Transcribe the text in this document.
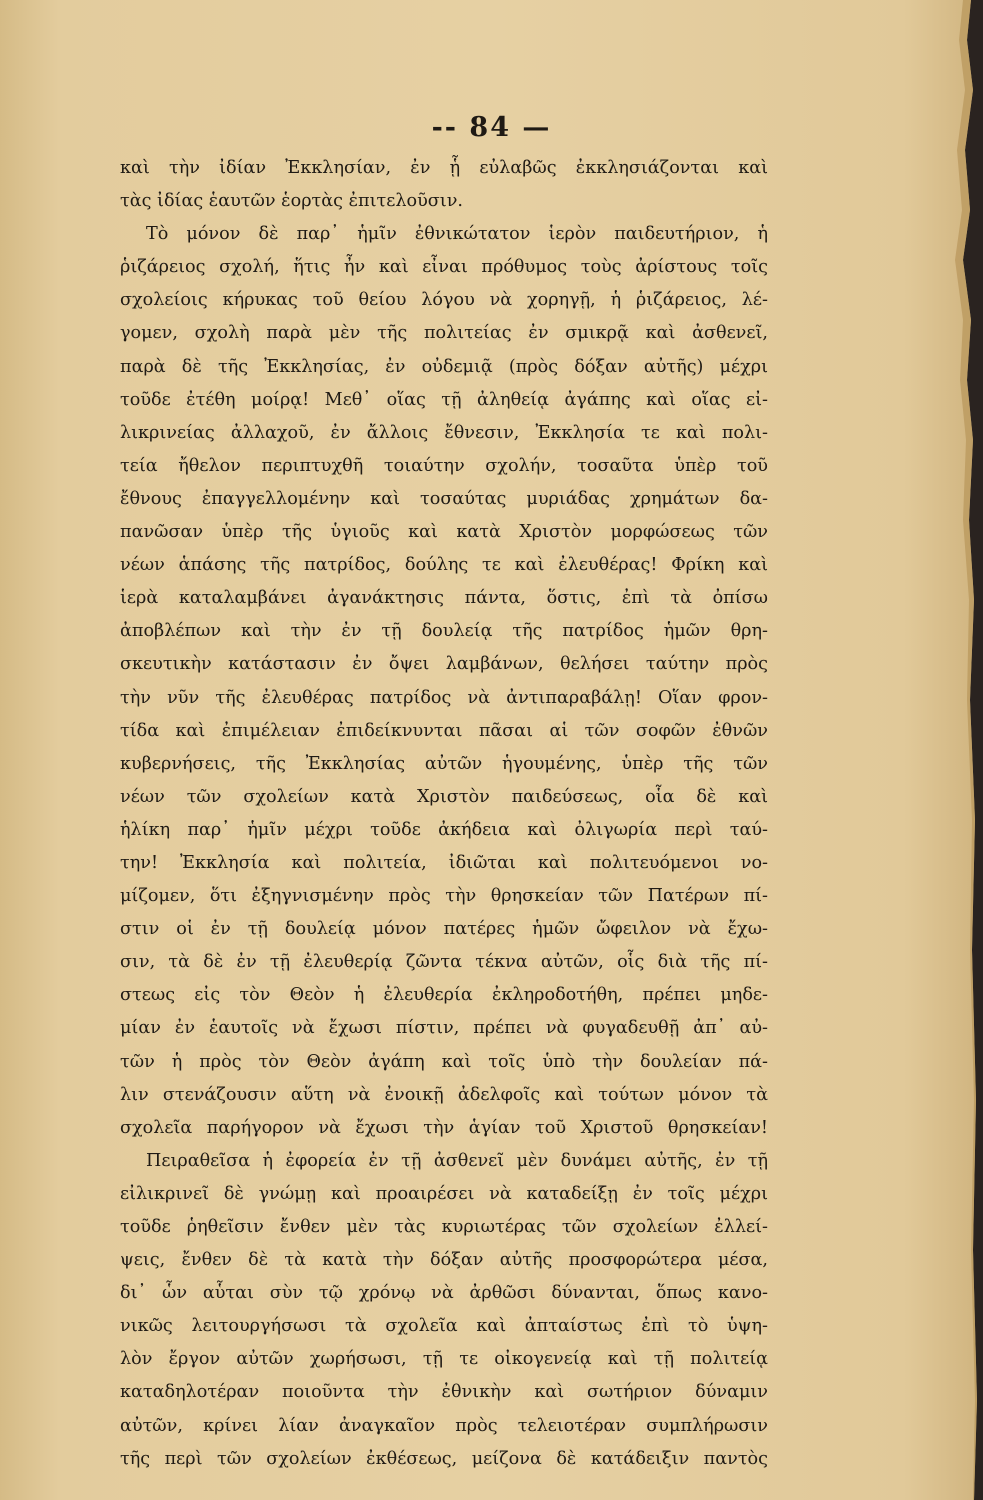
-- 84 —
καὶ τὴν ἰδίαν Ἐκκλησίαν, ἐν ᾗ εὐλαβῶς ἐκκλησιάζονται καὶ
τὰς ἰδίας ἑαυτῶν ἑορτὰς ἐπιτελοῦσιν.
Τὸ μόνον δὲ παρ᾽ ἡμῖν ἐθνικώτατον ἱερὸν παιδευτήριον, ἡ
ῥιζάρειος σχολή, ἥτις ἦν καὶ εἶναι πρόθυμος τοὺς ἀρίστους τοῖς
σχολείοις κήρυκας τοῦ θείου λόγου νὰ χορηγῇ, ἡ ῥιζάρειος, λέ-
γομεν, σχολὴ παρὰ μὲν τῆς πολιτείας ἐν σμικρᾷ καὶ ἀσθενεῖ,
παρὰ δὲ τῆς Ἐκκλησίας, ἐν οὐδεμιᾷ (πρὸς δόξαν αὐτῆς) μέχρι
τοῦδε ἐτέθη μοίρᾳ! Μεθ᾽ οἵας τῇ ἀληθείᾳ ἀγάπης καὶ οἵας εἰ-
λικρινείας ἀλλαχοῦ, ἐν ἄλλοις ἔθνεσιν, Ἐκκλησία τε καὶ πολι-
τεία ἤθελον περιπτυχθῆ τοιαύτην σχολήν, τοσαῦτα ὑπὲρ τοῦ
ἔθνους ἐπαγγελλομένην καὶ τοσαύτας μυριάδας χρημάτων δα-
πανῶσαν ὑπὲρ τῆς ὑγιοῦς καὶ κατὰ Χριστὸν μορφώσεως τῶν
νέων ἁπάσης τῆς πατρίδος, δούλης τε καὶ ἐλευθέρας! Φρίκη καὶ
ἱερὰ καταλαμβάνει ἀγανάκτησις πάντα, ὅστις, ἐπὶ τὰ ὀπίσω
ἀποβλέπων καὶ τὴν ἐν τῇ δουλείᾳ τῆς πατρίδος ἡμῶν θρη-
σκευτικὴν κατάστασιν ἐν ὄψει λαμβάνων, θελήσει ταύτην πρὸς
τὴν νῦν τῆς ἐλευθέρας πατρίδος νὰ ἀντιπαραβάλῃ! Οἵαν φρον-
τίδα καὶ ἐπιμέλειαν ἐπιδείκνυνται πᾶσαι αἱ τῶν σοφῶν ἐθνῶν
κυβερνήσεις, τῆς Ἐκκλησίας αὐτῶν ἡγουμένης, ὑπὲρ τῆς τῶν
νέων τῶν σχολείων κατὰ Χριστὸν παιδεύσεως, οἷα δὲ καὶ
ἡλίκη παρ᾽ ἡμῖν μέχρι τοῦδε ἀκήδεια καὶ ὀλιγωρία περὶ ταύ-
την! Ἐκκλησία καὶ πολιτεία, ἰδιῶται καὶ πολιτευόμενοι νο-
μίζομεν, ὅτι ἐξηγνισμένην πρὸς τὴν θρησκείαν τῶν Πατέρων πί-
στιν οἱ ἐν τῇ δουλείᾳ μόνον πατέρες ἡμῶν ὤφειλον νὰ ἔχω-
σιν, τὰ δὲ ἐν τῇ ἐλευθερίᾳ ζῶντα τέκνα αὐτῶν, οἷς διὰ τῆς πί-
στεως εἰς τὸν Θεὸν ἡ ἐλευθερία ἐκληροδοτήθη, πρέπει μηδε-
μίαν ἐν ἑαυτοῖς νὰ ἔχωσι πίστιν, πρέπει νὰ φυγαδευθῇ ἀπ᾽ αὐ-
τῶν ἡ πρὸς τὸν Θεὸν ἀγάπη καὶ τοῖς ὑπὸ τὴν δουλείαν πά-
λιν στενάζουσιν αὕτη νὰ ἐνοικῇ ἀδελφοῖς καὶ τούτων μόνον τὰ
σχολεῖα παρήγορον νὰ ἔχωσι τὴν ἁγίαν τοῦ Χριστοῦ θρησκείαν!
Πειραθεῖσα ἡ ἐφορεία ἐν τῇ ἀσθενεῖ μὲν δυνάμει αὐτῆς, ἐν τῇ
εἰλικρινεῖ δὲ γνώμῃ καὶ προαιρέσει νὰ καταδείξῃ ἐν τοῖς μέχρι
τοῦδε ῥηθεῖσιν ἔνθεν μὲν τὰς κυριωτέρας τῶν σχολείων ἐλλεί-
ψεις, ἔνθεν δὲ τὰ κατὰ τὴν δόξαν αὐτῆς προσφορώτερα μέσα,
δι᾽ ὧν αὗται σὺν τῷ χρόνῳ νὰ ἀρθῶσι δύνανται, ὅπως κανο-
νικῶς λειτουργήσωσι τὰ σχολεῖα καὶ ἀπταίστως ἐπὶ τὸ ὑψη-
λὸν ἔργον αὐτῶν χωρήσωσι, τῇ τε οἰκογενείᾳ καὶ τῇ πολιτείᾳ
καταδηλοτέραν ποιοῦντα τὴν ἐθνικὴν καὶ σωτήριον δύναμιν
αὐτῶν, κρίνει λίαν ἀναγκαῖον πρὸς τελειοτέραν συμπλήρωσιν
τῆς περὶ τῶν σχολείων ἐκθέσεως, μείζονα δὲ κατάδειξιν παντὸς
